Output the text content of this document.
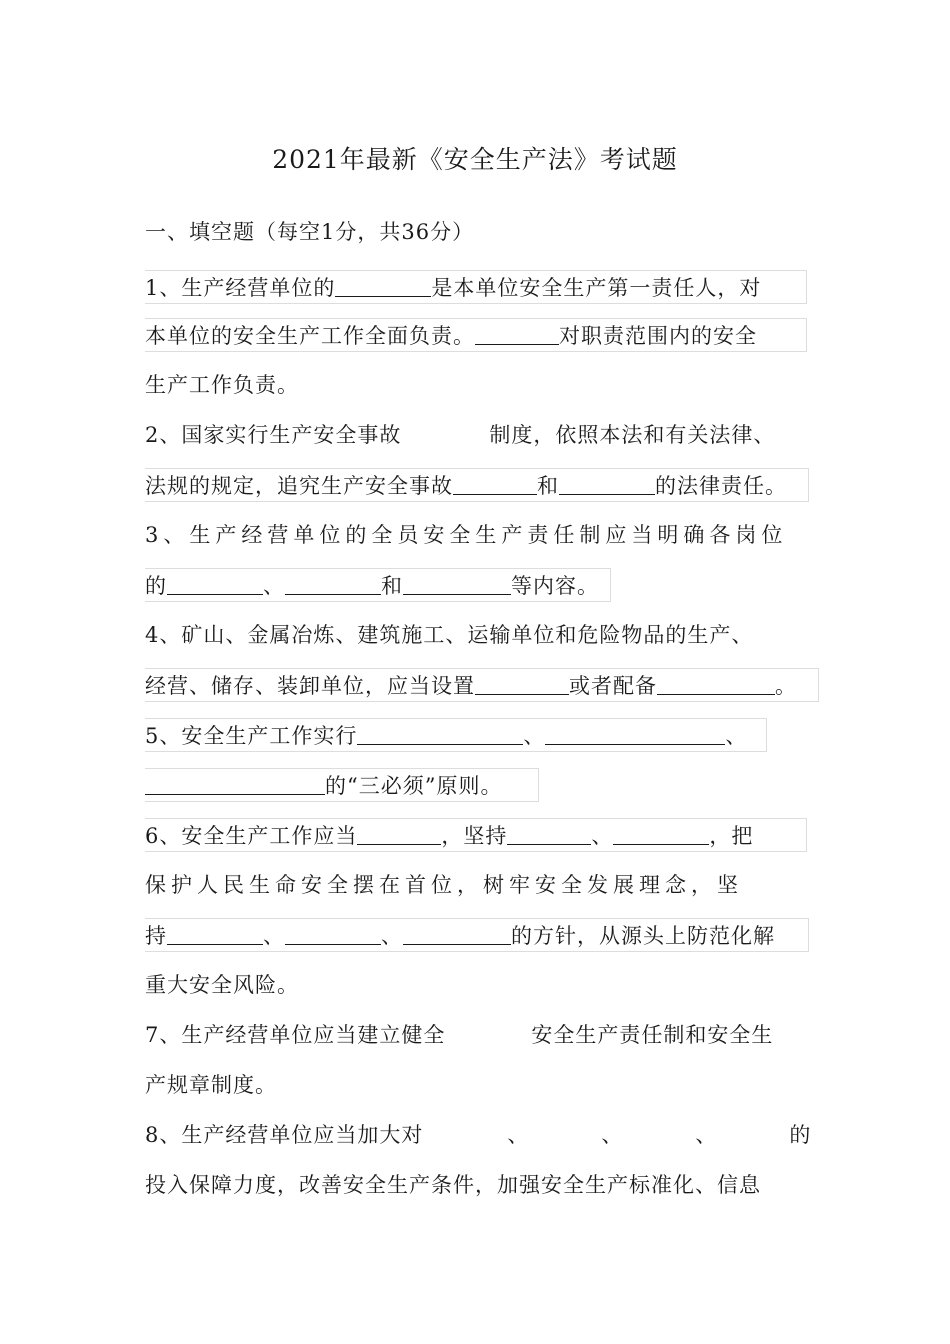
2021年最新《安全生产法》考试题
一、填空题（每空1分，共36分）
1、生产经营单位的	是本单位安全生产第一责任人，对
本单位的安全生产工作全面负责。	对职责范围内的安全
生产工作负责。
2、国家实行生产安全事故	制度，依照本法和有关法律、
法规的规定，追究生产安全事故	和	的法律责任。
3、生产经营单位的全员安全生产责任制应当明确各岗位
的	、	和	等内容。
4、矿山、金属冶炼、建筑施工、运输单位和危险物品的生产、
经营、储存、装卸单位，应当设置	或者配备	。
5、安全生产工作实行	、	、
的“三必须”原则。
6、安全生产工作应当	，坚持	、	，把
保护人民生命安全摆在首位，树牢安全发展理念，坚
持	、	、	的方针，从源头上防范化解
重大安全风险。
7、生产经营单位应当建立健全	安全生产责任制和安全生
产规章制度。
8、生产经营单位应当加大对	、	、	、	的
投入保障力度，改善安全生产条件，加强安全生产标准化、信息
